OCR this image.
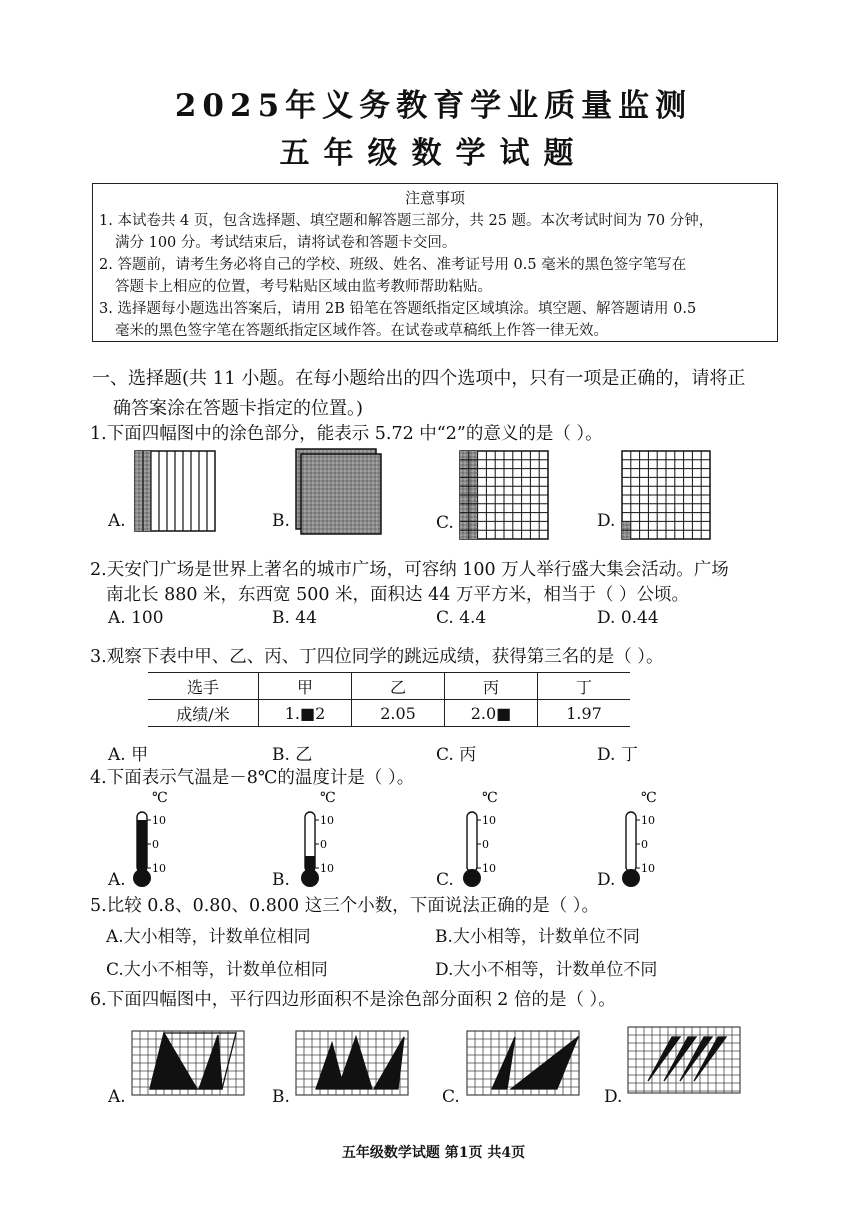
2025年义务教育学业质量监测
五年级数学试题
注意事项
1. 本试卷共 4 页，包含选择题、填空题和解答题三部分，共 25 题。本次考试时间为 70 分钟，
满分 100 分。考试结束后，请将试卷和答题卡交回。
2. 答题前，请考生务必将自己的学校、班级、姓名、准考证号用 0.5 毫米的黑色签字笔写在
答题卡上相应的位置，考号粘贴区域由监考教师帮助粘贴。
3. 选择题每小题选出答案后，请用 2B 铅笔在答题纸指定区域填涂。填空题、解答题请用 0.5
毫米的黑色签字笔在答题纸指定区域作答。在试卷或草稿纸上作答一律无效。
一、选择题(共 11 小题。在每小题给出的四个选项中，只有一项是正确的，请将正
确答案涂在答题卡指定的位置。)
1.下面四幅图中的涂色部分，能表示 5.72 中“2”的意义的是（ ）。
A.	B.	C.	D.
2.天安门广场是世界上著名的城市广场，可容纳 100 万人举行盛大集会活动。广场
南北长 880 米，东西宽 500 米，面积达 44 万平方米，相当于（ ）公顷。
A. 100	B. 44	C. 4.4	D. 0.44
3.观察下表中甲、乙、丙、丁四位同学的跳远成绩，获得第三名的是（ ）。
选手	甲	乙	丙	丁
成绩/米	1.■2	2.05	2.0■	1.97
A. 甲	B. 乙	C. 丙	D. 丁
4.下面表示气温是－8℃的温度计是（ ）。
A.	B.	C.	D.
℃
10
0
10
℃
10
0
10
℃
10
0
10
℃
10
0
10
5.比较 0.8、0.80、0.800 这三个小数，下面说法正确的是（ ）。
A.大小相等，计数单位相同	B.大小相等，计数单位不同
C.大小不相等，计数单位相同	D.大小不相等，计数单位不同
6.下面四幅图中，平行四边形面积不是涂色部分面积 2 倍的是（ ）。
A.	B.	C.	D.
五年级数学试题 第1页 共4页
